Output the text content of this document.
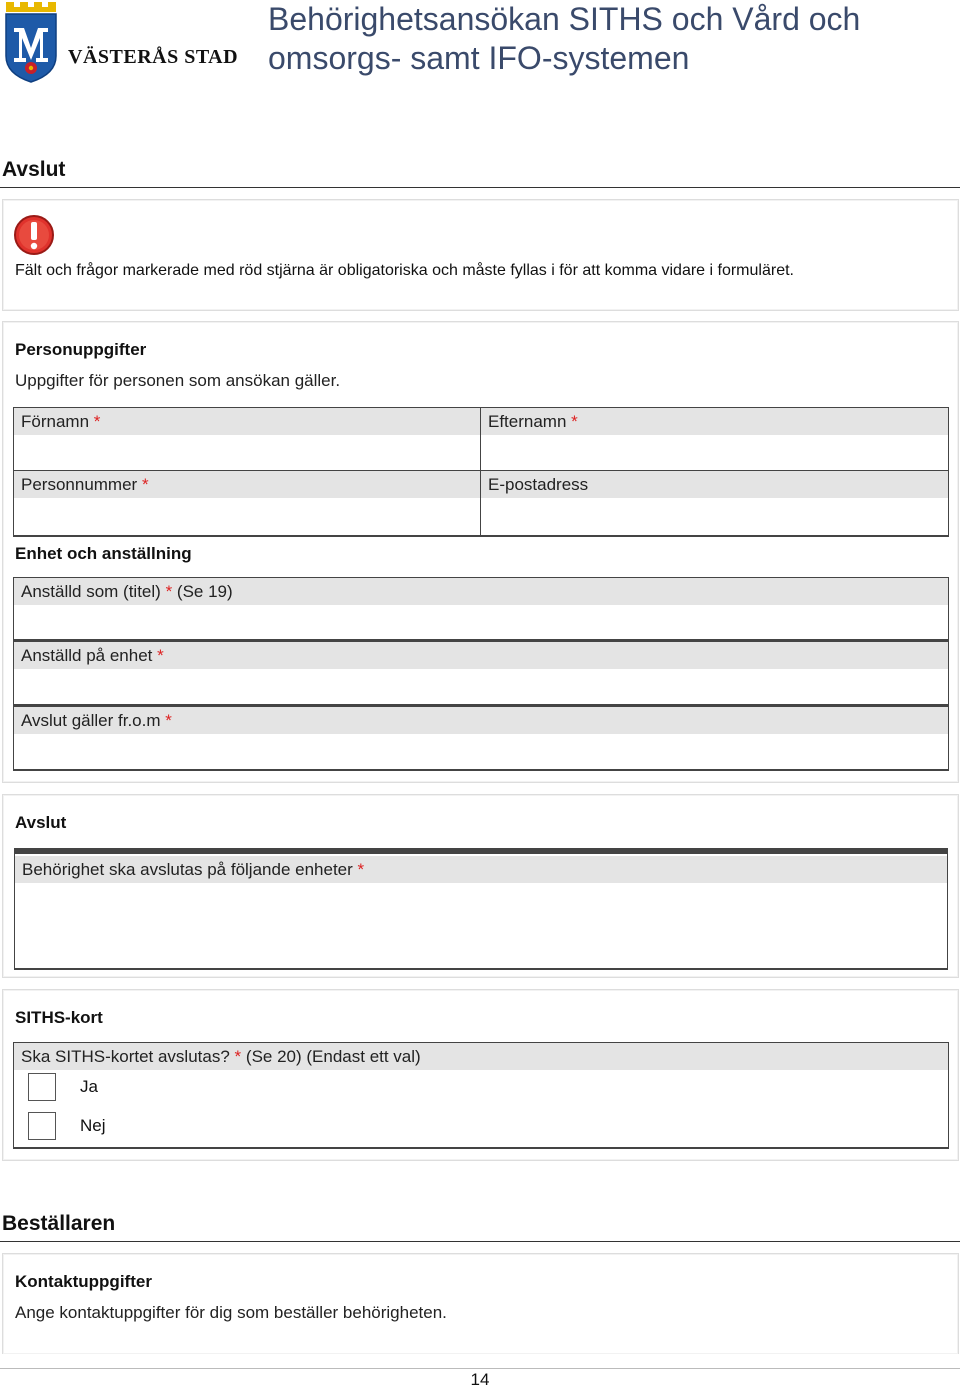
VÄSTERÅS STAD
Behörighetsansökan SITHS och Vård och omsorgs- samt IFO-systemen
Avslut
Fält och frågor markerade med röd stjärna är obligatoriska och måste fyllas i för att komma vidare i formuläret.
Personuppgifter
Uppgifter för personen som ansökan gäller.
Förnamn *	Efternamn *
Personnummer *	E-postadress
Enhet och anställning
Anställd som (titel) * (Se 19)
Anställd på enhet *
Avslut gäller fr.o.m *
Avslut
Behörighet ska avslutas på följande enheter *
SITHS-kort
Ska SITHS-kortet avslutas? * (Se 20) (Endast ett val)
Ja
Nej
Beställaren
Kontaktuppgifter
Ange kontaktuppgifter för dig som beställer behörigheten.
14
